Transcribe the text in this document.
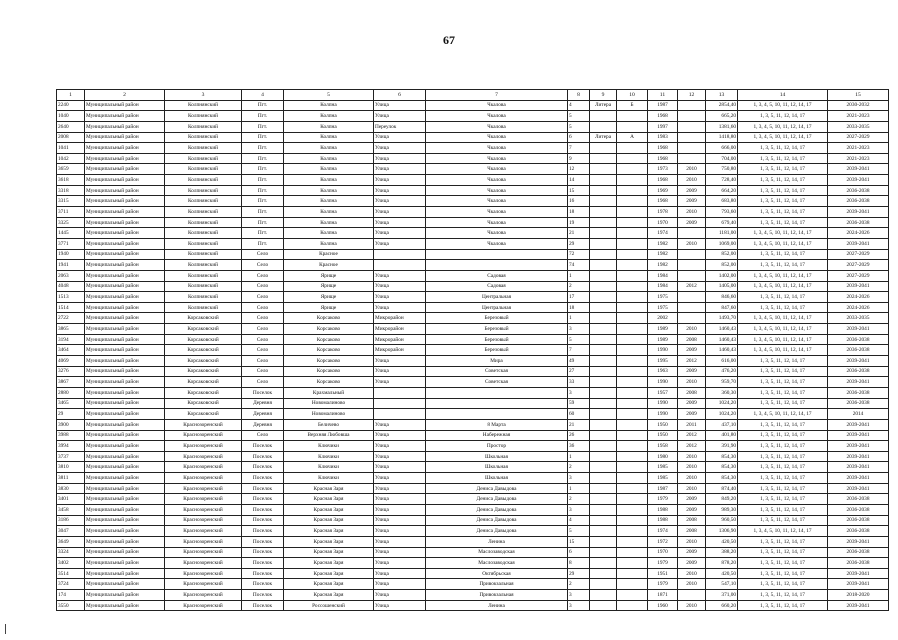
67
1	2	3	4	5	6	7	8	9	10	11	12	13	14	15
2240	Муниципальный район	Колпнянский	Пгт.	Колпна	Улица	Чкалова	4	Литера	Б	1987		2854,40	1, 3, 4, 5, 10, 11, 12, 14, 17	2030-2032
1040	Муниципальный район	Колпнянский	Пгт.	Колпна	Улица	Чкалова	5			1968		665,20	1, 3, 5, 11, 12, 14, 17	2021-2023
2640	Муниципальный район	Колпнянский	Пгт.	Колпна	Переулок	Чкалова	5			1997		1381,60	1, 3, 4, 5, 10, 11, 12, 14, 17	2033-2035
2008	Муниципальный район	Колпнянский	Пгт.	Колпна	Улица	Чкалова	6	Литера	А	1983		1418,80	1, 3, 4, 5, 10, 11, 12, 14, 17	2027-2029
1041	Муниципальный район	Колпнянский	Пгт.	Колпна	Улица	Чкалова	7			1968		666,00	1, 3, 5, 11, 12, 14, 17	2021-2023
1042	Муниципальный район	Колпнянский	Пгт.	Колпна	Улица	Чкалова	9			1968		704,00	1, 3, 5, 11, 12, 14, 17	2021-2023
3659	Муниципальный район	Колпнянский	Пгт.	Колпна	Улица	Чкалова	12			1973	2010	750,80	1, 3, 5, 11, 12, 14, 17	2039-2041
3618	Муниципальный район	Колпнянский	Пгт.	Колпна	Улица	Чкалова	14			1968	2010	728,40	1, 3, 5, 11, 12, 14, 17	2039-2041
3318	Муниципальный район	Колпнянский	Пгт.	Колпна	Улица	Чкалова	15			1969	2009	664,20	1, 3, 5, 11, 12, 14, 17	2036-2038
3315	Муниципальный район	Колпнянский	Пгт.	Колпна	Улица	Чкалова	16			1968	2009	683,80	1, 3, 5, 11, 12, 14, 17	2036-2038
3711	Муниципальный район	Колпнянский	Пгт.	Колпна	Улица	Чкалова	18			1978	2010	793,60	1, 3, 5, 11, 12, 14, 17	2039-2041
3325	Муниципальный район	Колпнянский	Пгт.	Колпна	Улица	Чкалова	19			1970	2009	679,40	1, 3, 5, 11, 12, 14, 17	2036-2038
1445	Муниципальный район	Колпнянский	Пгт.	Колпна	Улица	Чкалова	21			1974		1181,00	1, 3, 4, 5, 10, 11, 12, 14, 17	2024-2026
3771	Муниципальный район	Колпнянский	Пгт.	Колпна	Улица	Чкалова	29			1982	2010	1069,00	1, 3, 4, 5, 10, 11, 12, 14, 17	2039-2041
1940	Муниципальный район	Колпнянский	Село	Красное			72			1982		852,00	1, 3, 5, 11, 12, 14, 17	2027-2029
1941	Муниципальный район	Колпнянский	Село	Красное			74			1982		852,00	1, 3, 5, 11, 12, 14, 17	2027-2029
2063	Муниципальный район	Колпнянский	Село	Ярище	Улица	Садовая	1			1984		1402,00	1, 3, 4, 5, 10, 11, 12, 14, 17	2027-2029
4048	Муниципальный район	Колпнянский	Село	Ярище	Улица	Садовая	2			1984	2012	1405,00	1, 3, 4, 5, 10, 11, 12, 14, 17	2039-2041
1513	Муниципальный район	Колпнянский	Село	Ярище	Улица	Центральная	17			1975		846,60	1, 3, 5, 11, 12, 14, 17	2024-2026
1514	Муниципальный район	Колпнянский	Село	Ярище	Улица	Центральная	18			1975		847,60	1, 3, 5, 11, 12, 14, 17	2024-2026
2722	Муниципальный район	Корсаковский	Село	Корсаково	Микрорайон	Березовый	1			2002		1493,70	1, 3, 4, 5, 10, 11, 12, 14, 17	2033-2035
3865	Муниципальный район	Корсаковский	Село	Корсаково	Микрорайон	Березовый	3			1989	2010	1460,43	1, 3, 4, 5, 10, 11, 12, 14, 17	2039-2041
3194	Муниципальный район	Корсаковский	Село	Корсаково	Микрорайон	Березовый	5			1989	2008	1460,43	1, 3, 4, 5, 10, 11, 12, 14, 17	2036-2038
3464	Муниципальный район	Корсаковский	Село	Корсаково	Микрорайон	Березовый	7			1990	2009	1460,43	1, 3, 4, 5, 10, 11, 12, 14, 17	2036-2038
4069	Муниципальный район	Корсаковский	Село	Корсаково	Улица	Мира	49			1995	2012	616,00	1, 3, 5, 11, 12, 14, 17	2039-2041
3276	Муниципальный район	Корсаковский	Село	Корсаково	Улица	Советская	27			1963	2009	476,20	1, 3, 5, 11, 12, 14, 17	2036-2038
3867	Муниципальный район	Корсаковский	Село	Корсаково	Улица	Советская	33			1990	2010	959,70	1, 3, 5, 11, 12, 14, 17	2039-2041
2880	Муниципальный район	Корсаковский	Поселок	Крахмальный			3			1957	2008	360,30	1, 3, 5, 11, 12, 14, 17	2036-2038
3465	Муниципальный район	Корсаковский	Деревня	Новомалиново			59			1990	2009	1024,20	1, 3, 5, 11, 12, 14, 17	2036-2038
29	Муниципальный район	Корсаковский	Деревня	Новомалиново			60			1990	2009	1024,20	1, 3, 4, 5, 10, 11, 12, 14, 17	2014
3900	Муниципальный район	Краснозоренский	Деревня	Беличево	Улица	8 Марта	21			1950	2011	437,10	1, 3, 5, 11, 12, 14, 17	2039-2041
3988	Муниципальный район	Краснозоренский	Село	Верхняя Любовша	Улица	Набережная	26			1950	2012	401,80	1, 3, 5, 11, 12, 14, 17	2039-2041
3994	Муниципальный район	Краснозоренский	Поселок	Ключики	Улица	Простор	36			1958	2012	391,90	1, 3, 5, 11, 12, 14, 17	2039-2041
3737	Муниципальный район	Краснозоренский	Поселок	Ключики	Улица	Школьная	1			1980	2010	854,30	1, 3, 5, 11, 12, 14, 17	2039-2041
3810	Муниципальный район	Краснозоренский	Поселок	Ключики	Улица	Школьная	2			1985	2010	854,30	1, 3, 5, 11, 12, 14, 17	2039-2041
3811	Муниципальный район	Краснозоренский	Поселок	Ключики	Улица	Школьная	3			1985	2010	854,30	1, 3, 5, 11, 12, 14, 17	2039-2041
3830	Муниципальный район	Краснозоренский	Поселок	Красная Заря	Улица	Дениса Давыдова	1			1987	2010	874,40	1, 3, 5, 11, 12, 14, 17	2039-2041
3401	Муниципальный район	Краснозоренский	Поселок	Красная Заря	Улица	Дениса Давыдова	2			1979	2009	849,20	1, 3, 5, 11, 12, 14, 17	2036-2038
3458	Муниципальный район	Краснозоренский	Поселок	Красная Заря	Улица	Дениса Давыдова	3			1988	2009	989,30	1, 3, 5, 11, 12, 14, 17	2036-2038
3186	Муниципальный район	Краснозоренский	Поселок	Красная Заря	Улица	Дениса Давыдова	4			1988	2008	960,50	1, 3, 5, 11, 12, 14, 17	2036-2038
3047	Муниципальный район	Краснозоренский	Поселок	Красная Заря	Улица	Дениса Давыдова	5			1974	2008	1306,90	1, 3, 4, 5, 10, 11, 12, 14, 17	2036-2038
3649	Муниципальный район	Краснозоренский	Поселок	Красная Заря	Улица	Ленина	15			1972	2010	420,50	1, 3, 5, 11, 12, 14, 17	2039-2041
3324	Муниципальный район	Краснозоренский	Поселок	Красная Заря	Улица	Маслозаводская	6			1970	2009	388,20	1, 3, 5, 11, 12, 14, 17	2036-2038
3402	Муниципальный район	Краснозоренский	Поселок	Красная Заря	Улица	Маслозаводская	8			1979	2009	878,20	1, 3, 5, 11, 12, 14, 17	2036-2038
3514	Муниципальный район	Краснозоренский	Поселок	Красная Заря	Улица	Октябрьская	29			1951	2010	420,50	1, 3, 5, 11, 12, 14, 17	2039-2041
3724	Муниципальный район	Краснозоренский	Поселок	Красная Заря	Улица	Привокзальная	2			1979	2010	547,10	1, 3, 5, 11, 12, 14, 17	2039-2041
174	Муниципальный район	Краснозоренский	Поселок	Красная Заря	Улица	Привокзальная	3			1871		371,00	1, 3, 5, 11, 12, 14, 17	2018-2020
3550	Муниципальный район	Краснозоренский	Поселок	Россошенский	Улица	Ленина	3			1960	2010	660,20	1, 3, 5, 11, 12, 14, 17	2039-2041
